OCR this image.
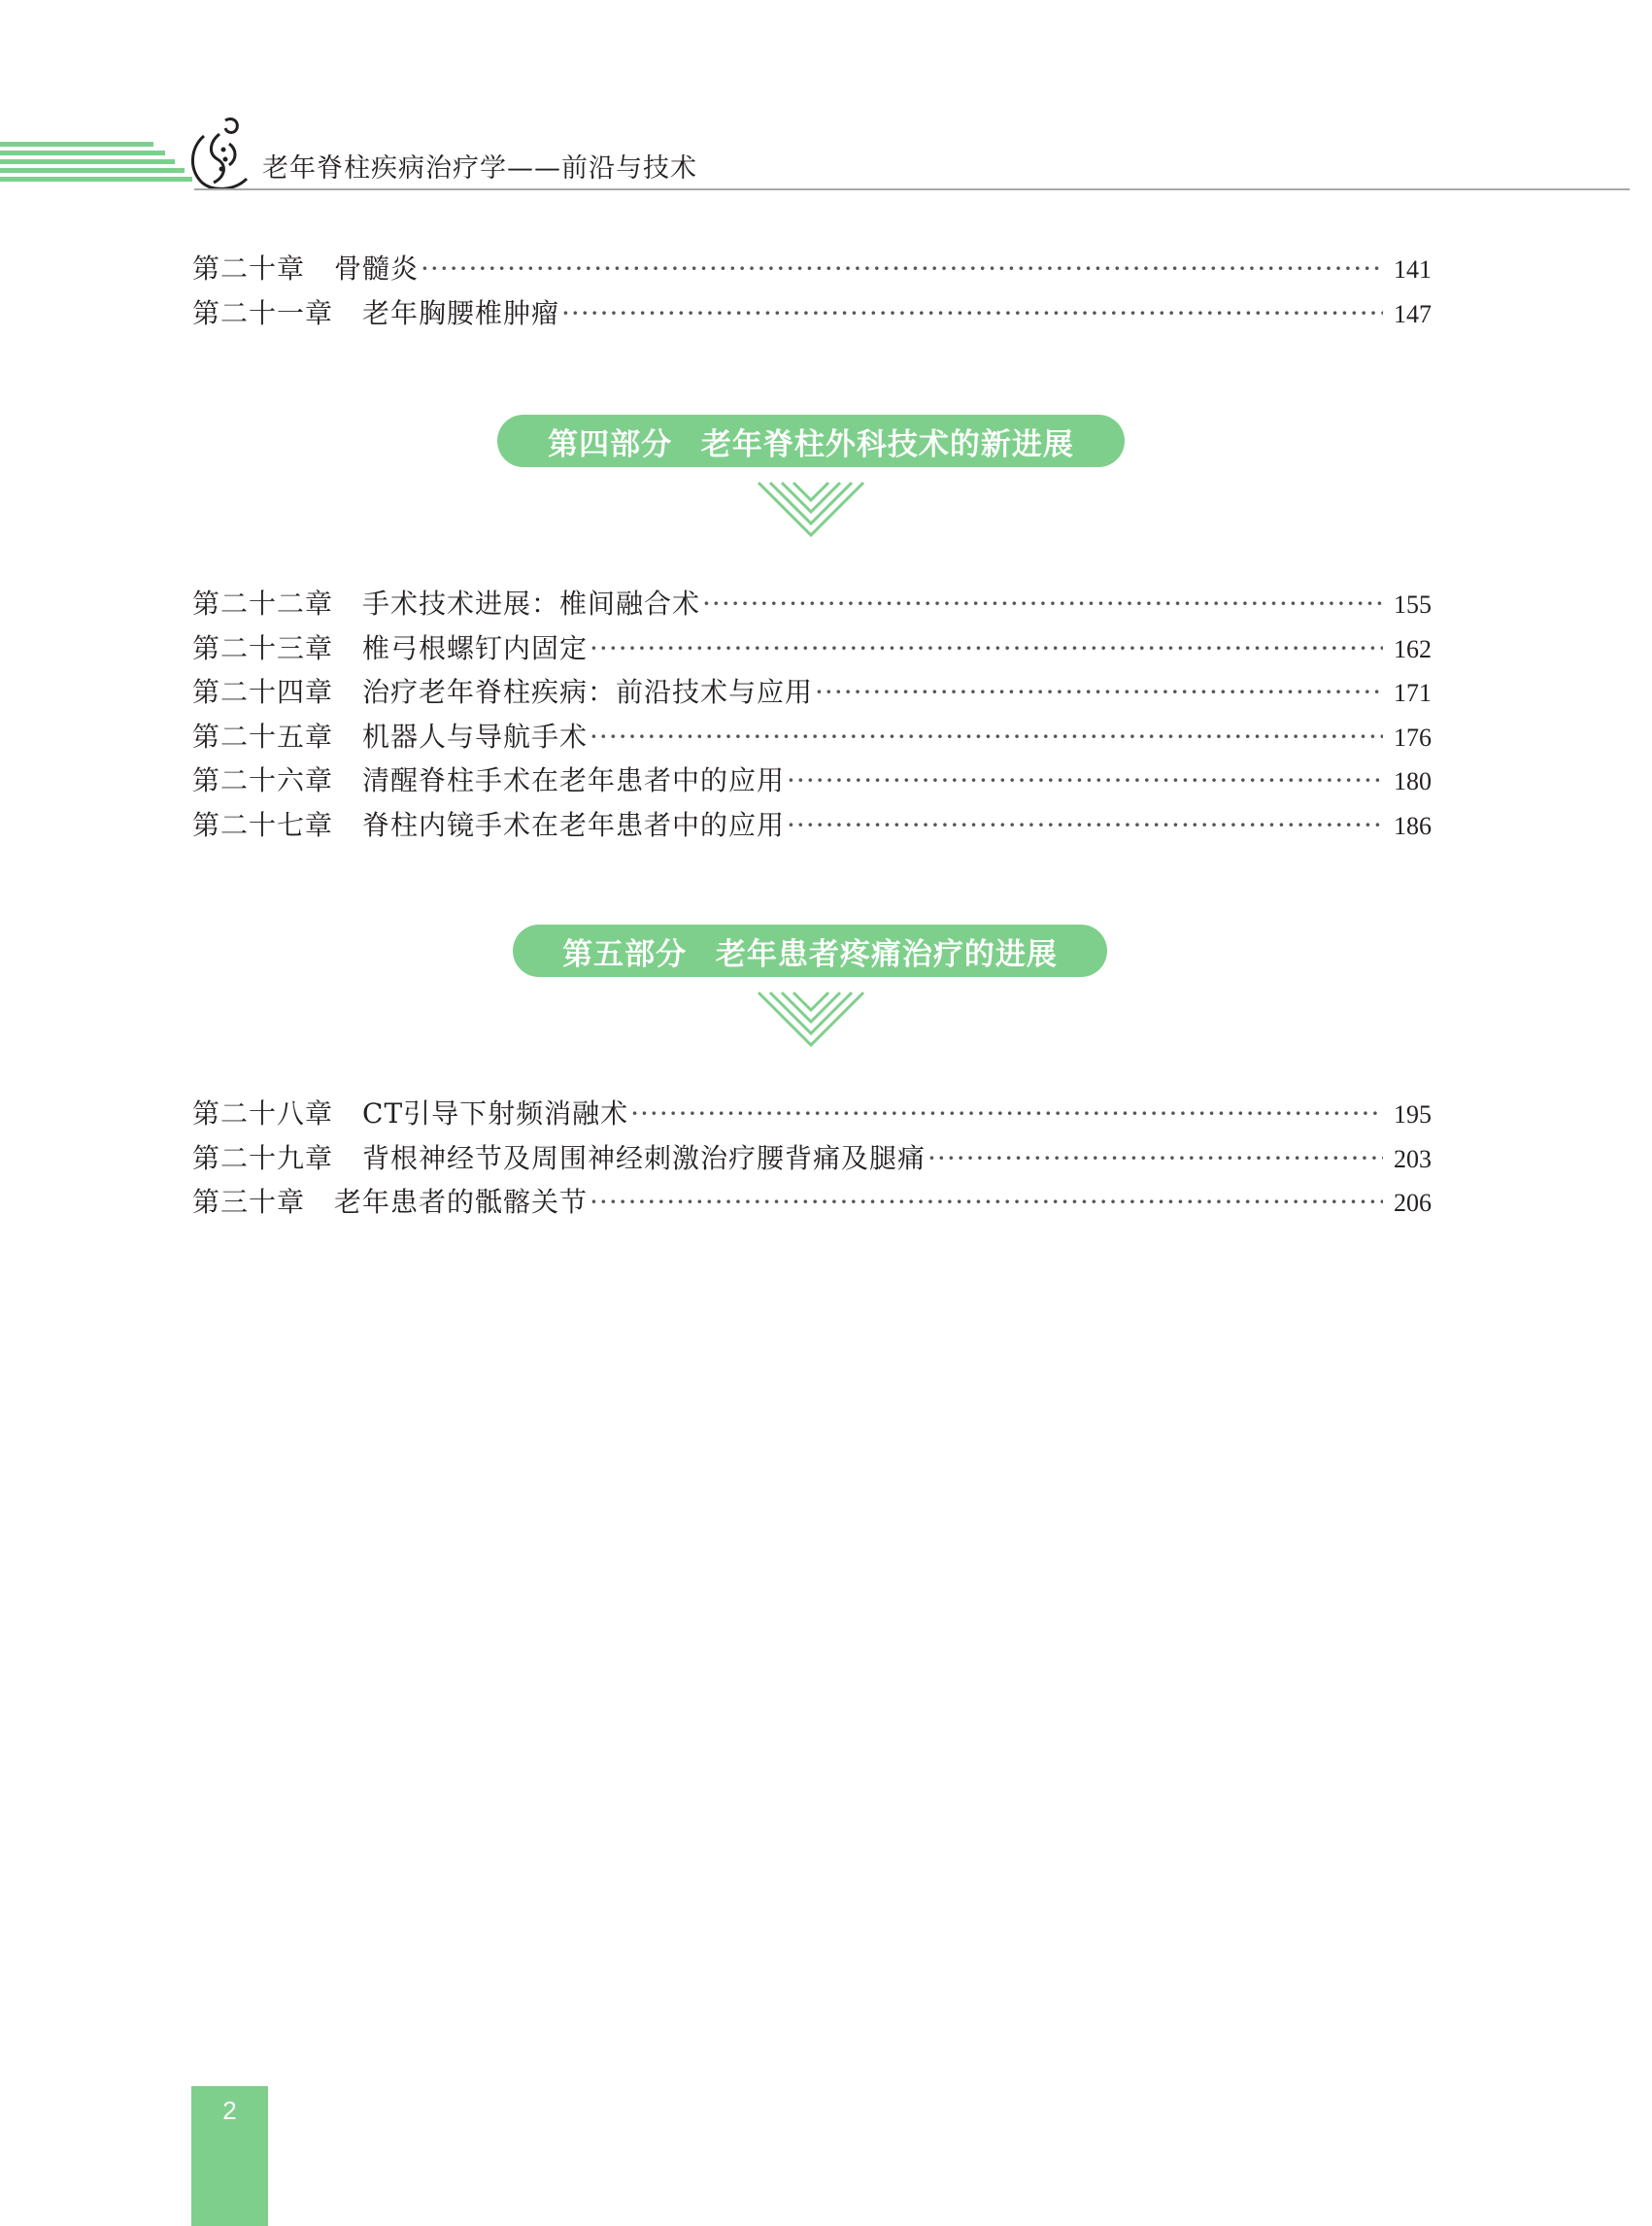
老年脊柱疾病治疗学——前沿与技术
第二十章 骨髓炎 ·····	141
第二十一章 老年胸腰椎肿瘤 ·····	147
第四部分 老年脊柱外科技术的新进展
第二十二章 手术技术进展：椎间融合术 ·····	155
第二十三章 椎弓根螺钉内固定 ·····	162
第二十四章 治疗老年脊柱疾病：前沿技术与应用 ·····	171
第二十五章 机器人与导航手术 ·····	176
第二十六章 清醒脊柱手术在老年患者中的应用 ·····	180
第二十七章 脊柱内镜手术在老年患者中的应用 ·····	186
第五部分 老年患者疼痛治疗的进展
第二十八章 CT引导下射频消融术 ·····	195
第二十九章 背根神经节及周围神经刺激治疗腰背痛及腿痛 ·····	203
第三十章 老年患者的骶髂关节 ·····	206
2
